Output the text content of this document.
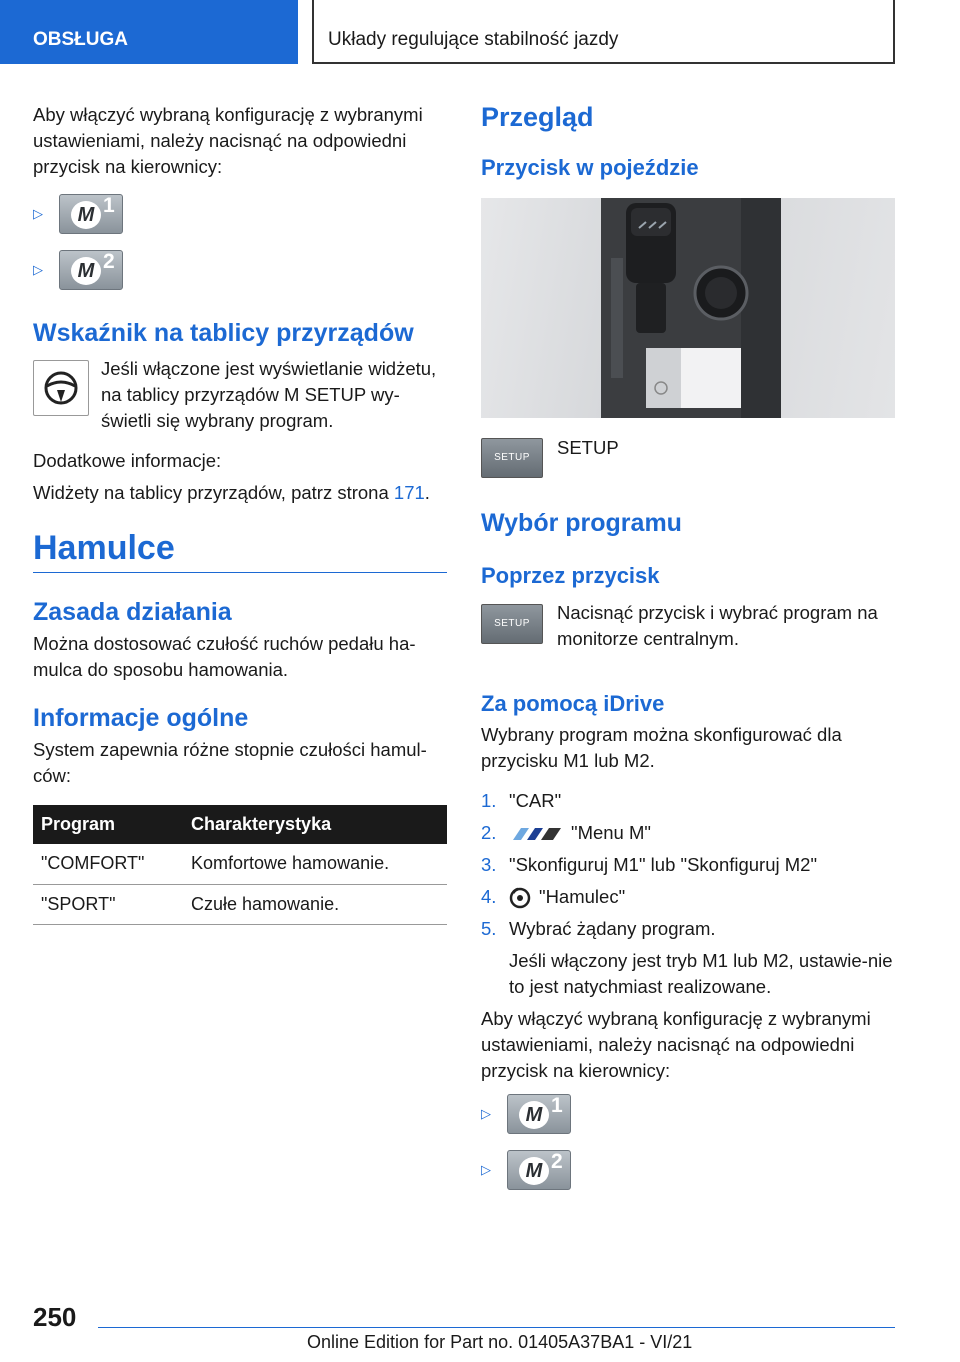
OBSŁUGA	Układy regulujące stabilność jazdy

Aby włączyć wybraną konfigurację z wybranymi ustawieniami, należy nacisnąć na odpowiedni przycisk na kierownicy:

▷	M 1
▷	M 2
Wskaźnik na tablicy przyrządów

Jeśli włączone jest wyświetlanie widżetu, na tablicy przyrządów M SETUP wy-świetli się wybrany program.

Dodatkowe informacje:

Widżety na tablicy przyrządów, patrz strona 171.

Hamulce
Zasada działania

Można dostosować czułość ruchów pedału ha-mulca do sposobu hamowania.

Informacje ogólne

System zapewnia różne stopnie czułości hamul-ców:

Program	Charakterystyka
"COMFORT"	Komfortowe hamowanie.
"SPORT"	Czułe hamowanie.
Przegląd
Przycisk w pojeździe
SETUP	SETUP

Wybór programu
Poprzez przycisk
SETUP

Nacisnąć przycisk i wybrać program na monitorze centralnym.

Za pomocą iDrive

Wybrany program można skonfigurować dla przycisku M1 lub M2.

1. "CAR"
2.	"Menu M"
3. "Skonfiguruj M1" lub "Skonfiguruj M2"
4.	"Hamulec"
5. Wybrać żądany program.

Jeśli włączony jest tryb M1 lub M2, ustawie-nie to jest natychmiast realizowane.

Aby włączyć wybraną konfigurację z wybranymi ustawieniami, należy nacisnąć na odpowiedni przycisk na kierownicy:

▷	M 1
▷	M 2
250
Online Edition for Part no. 01405A37BA1 - VI/21
